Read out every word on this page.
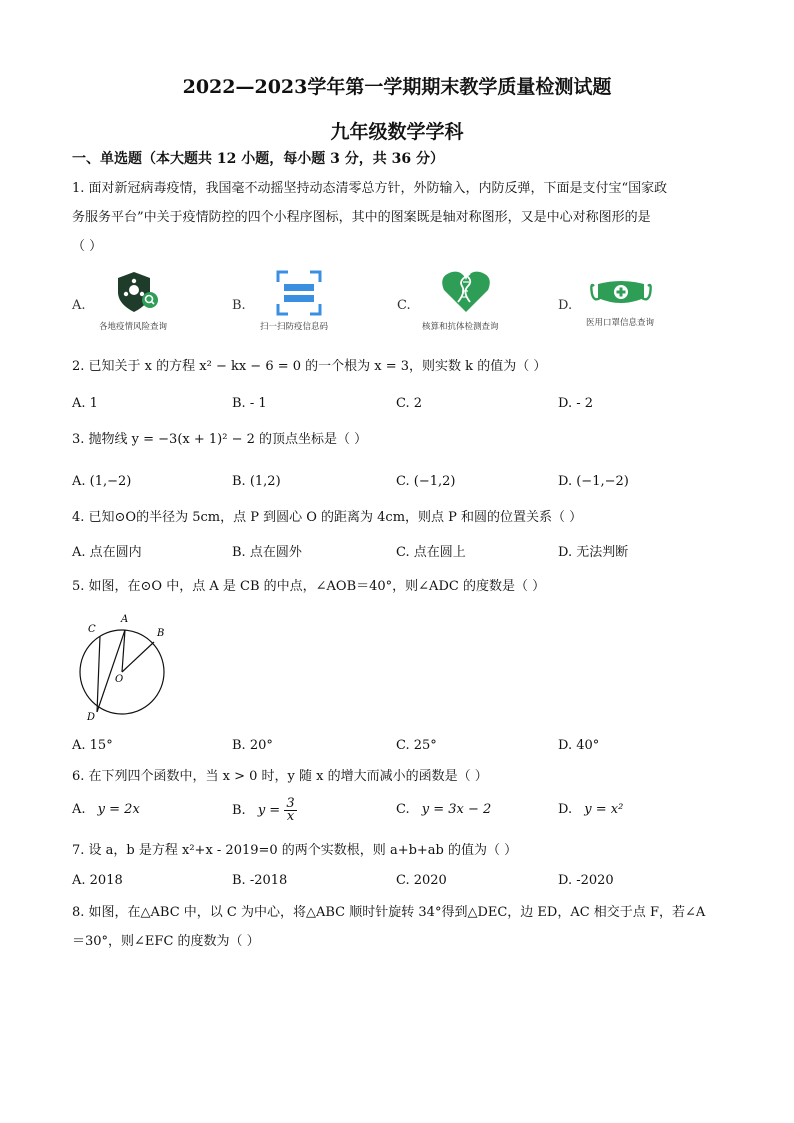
2022—2023学年第一学期期末教学质量检测试题
九年级数学学科
一、单选题（本大题共 12 小题，每小题 3 分，共 36 分）
1. 面对新冠病毒疫情，我国毫不动摇坚持动态清零总方针，外防输入，内防反弹，下面是支付宝“国家政
务服务平台”中关于疫情防控的四个小程序图标，其中的图案既是轴对称图形，又是中心对称图形的是
（ ）
A.
各地疫情风险查询
B.
扫一扫防疫信息码
C.
核算和抗体检测查询
D.
医用口罩信息查询
2. 已知关于 x 的方程 x² − kx − 6 = 0 的一个根为 x = 3，则实数 k 的值为（ ）
A. 1	B. - 1	C. 2	D. - 2
3. 抛物线 y = −3(x + 1)² − 2 的顶点坐标是（ ）
A. (1,−2)	B. (1,2)	C. (−1,2)	D. (−1,−2)
4. 已知⊙O的半径为 5cm，点 P 到圆心 O 的距离为 4cm，则点 P 和圆的位置关系（ ）
A. 点在圆内	B. 点在圆外	C. 点在圆上	D. 无法判断
5. 如图，在⊙O 中，点 A 是 CB 的中点，∠AOB＝40°，则∠ADC 的度数是（ ）
A
B
C
D
O
A. 15°	B. 20°	C. 25°	D. 40°
6. 在下列四个函数中，当 x > 0 时，y 随 x 的增大而减小的函数是（ ）
A. y = 2x	B. $y = \frac{3}{x}$	C. y = 3x − 2	D. y = x²
7. 设 a，b 是方程 x²+x - 2019=0 的两个实数根，则 a+b+ab 的值为（ ）
A. 2018	B. -2018	C. 2020	D. -2020
8. 如图，在△ABC 中，以 C 为中心，将△ABC 顺时针旋转 34°得到△DEC，边 ED，AC 相交于点 F，若∠A
＝30°，则∠EFC 的度数为（ ）
